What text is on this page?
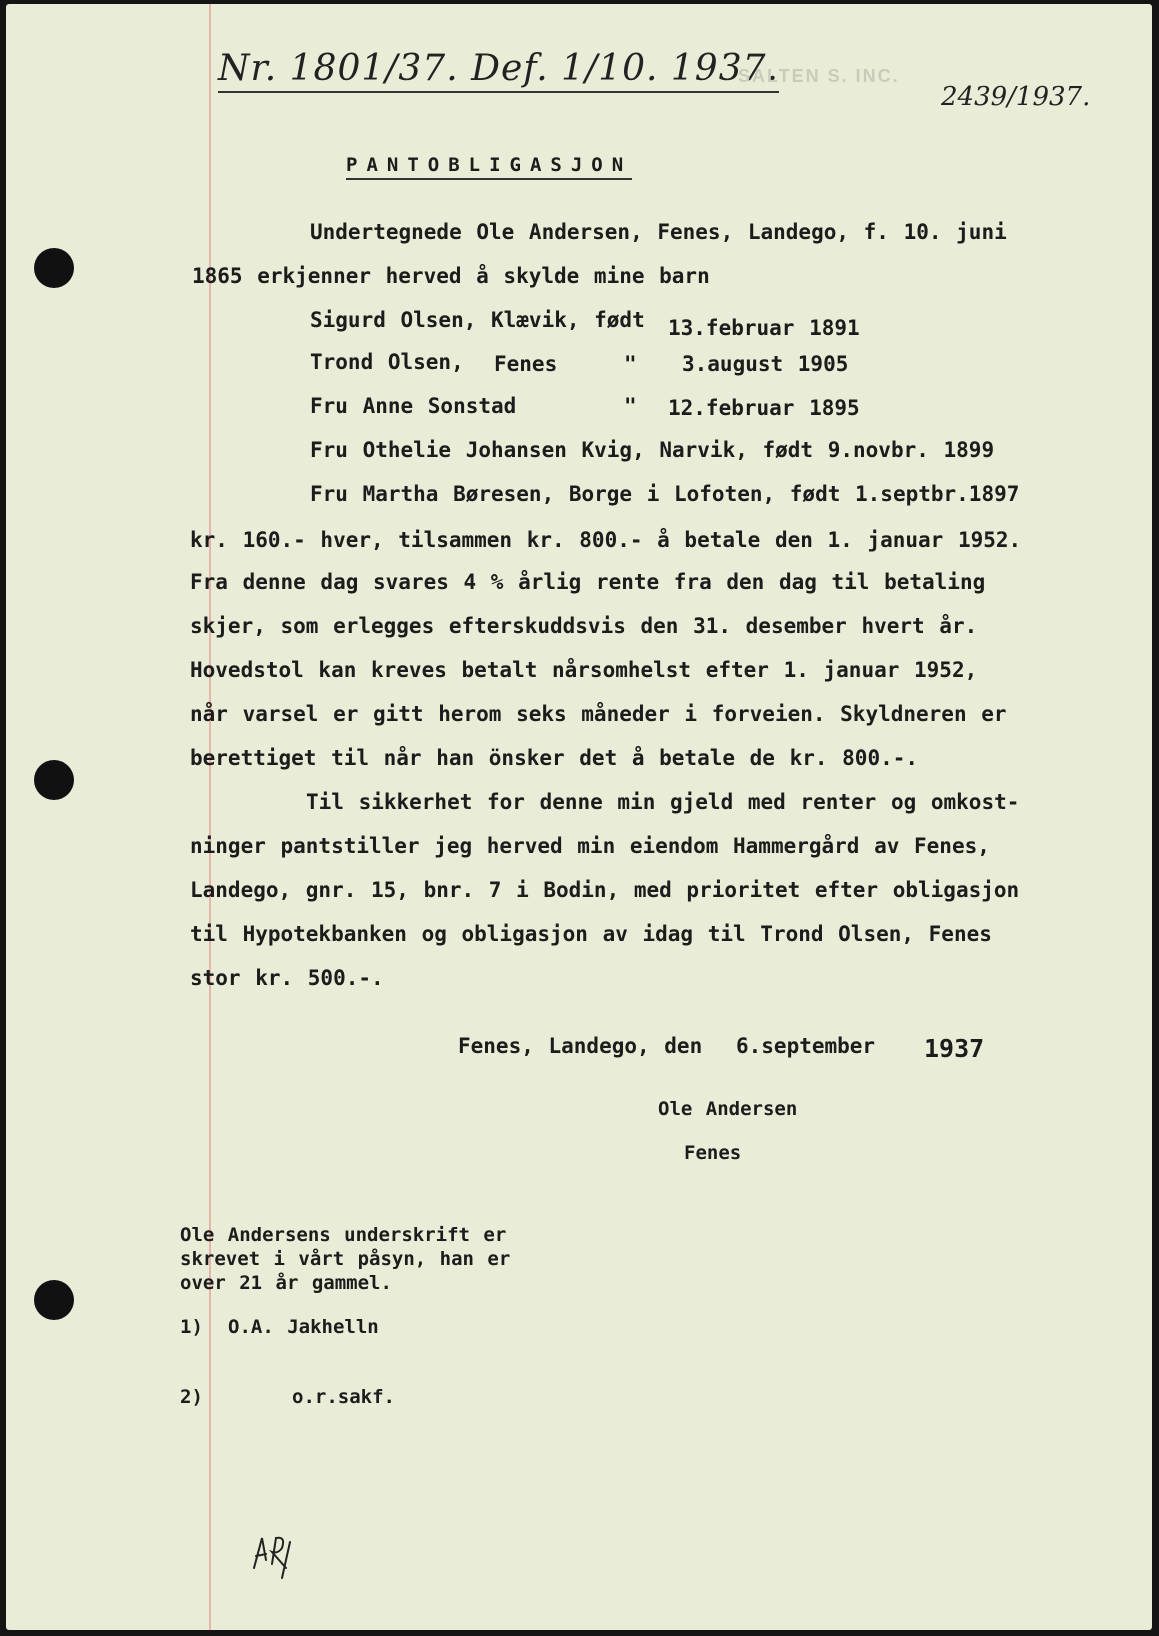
Nr. 1801/37. Def. 1/10. 1937.
SALTEN S. INC.
2439/1937.
PANTOBLIGASJON
Undertegnede Ole Andersen, Fenes, Landego, f. 10. juni
1865 erkjenner herved å skylde mine barn
Sigurd Olsen, Klævik, født 13.februar 1891
Trond Olsen, Fenes	" 3.august 1905
Fru Anne Sonstad	" 12.februar 1895
Fru Othelie Johansen Kvig, Narvik, født 9.novbr. 1899
Fru Martha Børesen, Borge i Lofoten, født 1.septbr.1897
kr. 160.- hver, tilsammen kr. 800.- å betale den 1. januar 1952.
Fra denne dag svares 4 % årlig rente fra den dag til betaling
skjer, som erlegges efterskuddsvis den 31. desember hvert år.
Hovedstol kan kreves betalt nårsomhelst efter 1. januar 1952,
når varsel er gitt herom seks måneder i forveien. Skyldneren er
berettiget til når han önsker det å betale de kr. 800.-.
Til sikkerhet for denne min gjeld med renter og omkost-
ninger pantstiller jeg herved min eiendom Hammergård av Fenes,
Landego, gnr. 15, bnr. 7 i Bodin, med prioritet efter obligasjon
til Hypotekbanken og obligasjon av idag til Trond Olsen, Fenes
stor kr. 500.-.
Fenes, Landego, den 6.september 1937
Ole Andersen
Fenes
Ole Andersens underskrift er
skrevet i vårt påsyn, han er
over 21 år gammel.
1) O.A. Jakhelln
2)	o.r.sakf.
